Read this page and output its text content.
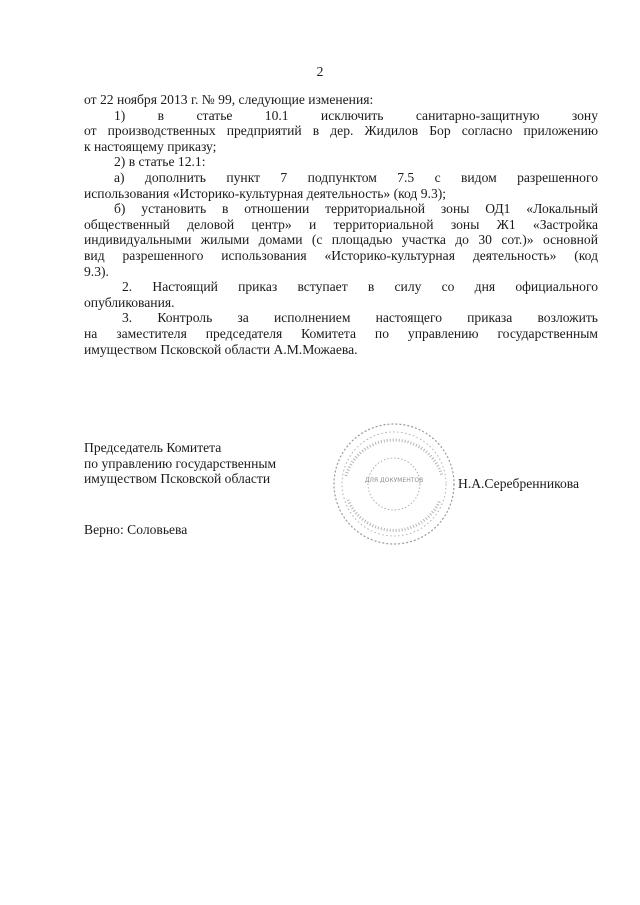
2
от 22 ноября 2013 г. № 99, следующие изменения:
1) в статье 10.1 исключить санитарно-защитную зону
от производственных предприятий в дер. Жидилов Бор согласно приложению
к настоящему приказу;
2) в статье 12.1:
а) дополнить пункт 7 подпунктом 7.5 с видом разрешенного
использования «Историко-культурная деятельность» (код 9.3);
б) установить в отношении территориальной зоны ОД1 «Локальный
общественный деловой центр» и территориальной зоны Ж1 «Застройка
индивидуальными жилыми домами (с площадью участка до 30 сот.)» основной
вид разрешенного использования «Историко-культурная деятельность» (код
9.3).
2. Настоящий приказ вступает в силу со дня официального
опубликования.
3. Контроль за исполнением настоящего приказа возложить
на заместителя председателя Комитета по управлению государственным
имуществом Псковской области А.М.Можаева.
Председатель Комитета
по управлению государственным
имуществом Псковской области	ДЛЯ ДОКУМЕНТОВ	Н.А.Серебренникова
Верно: Соловьева
